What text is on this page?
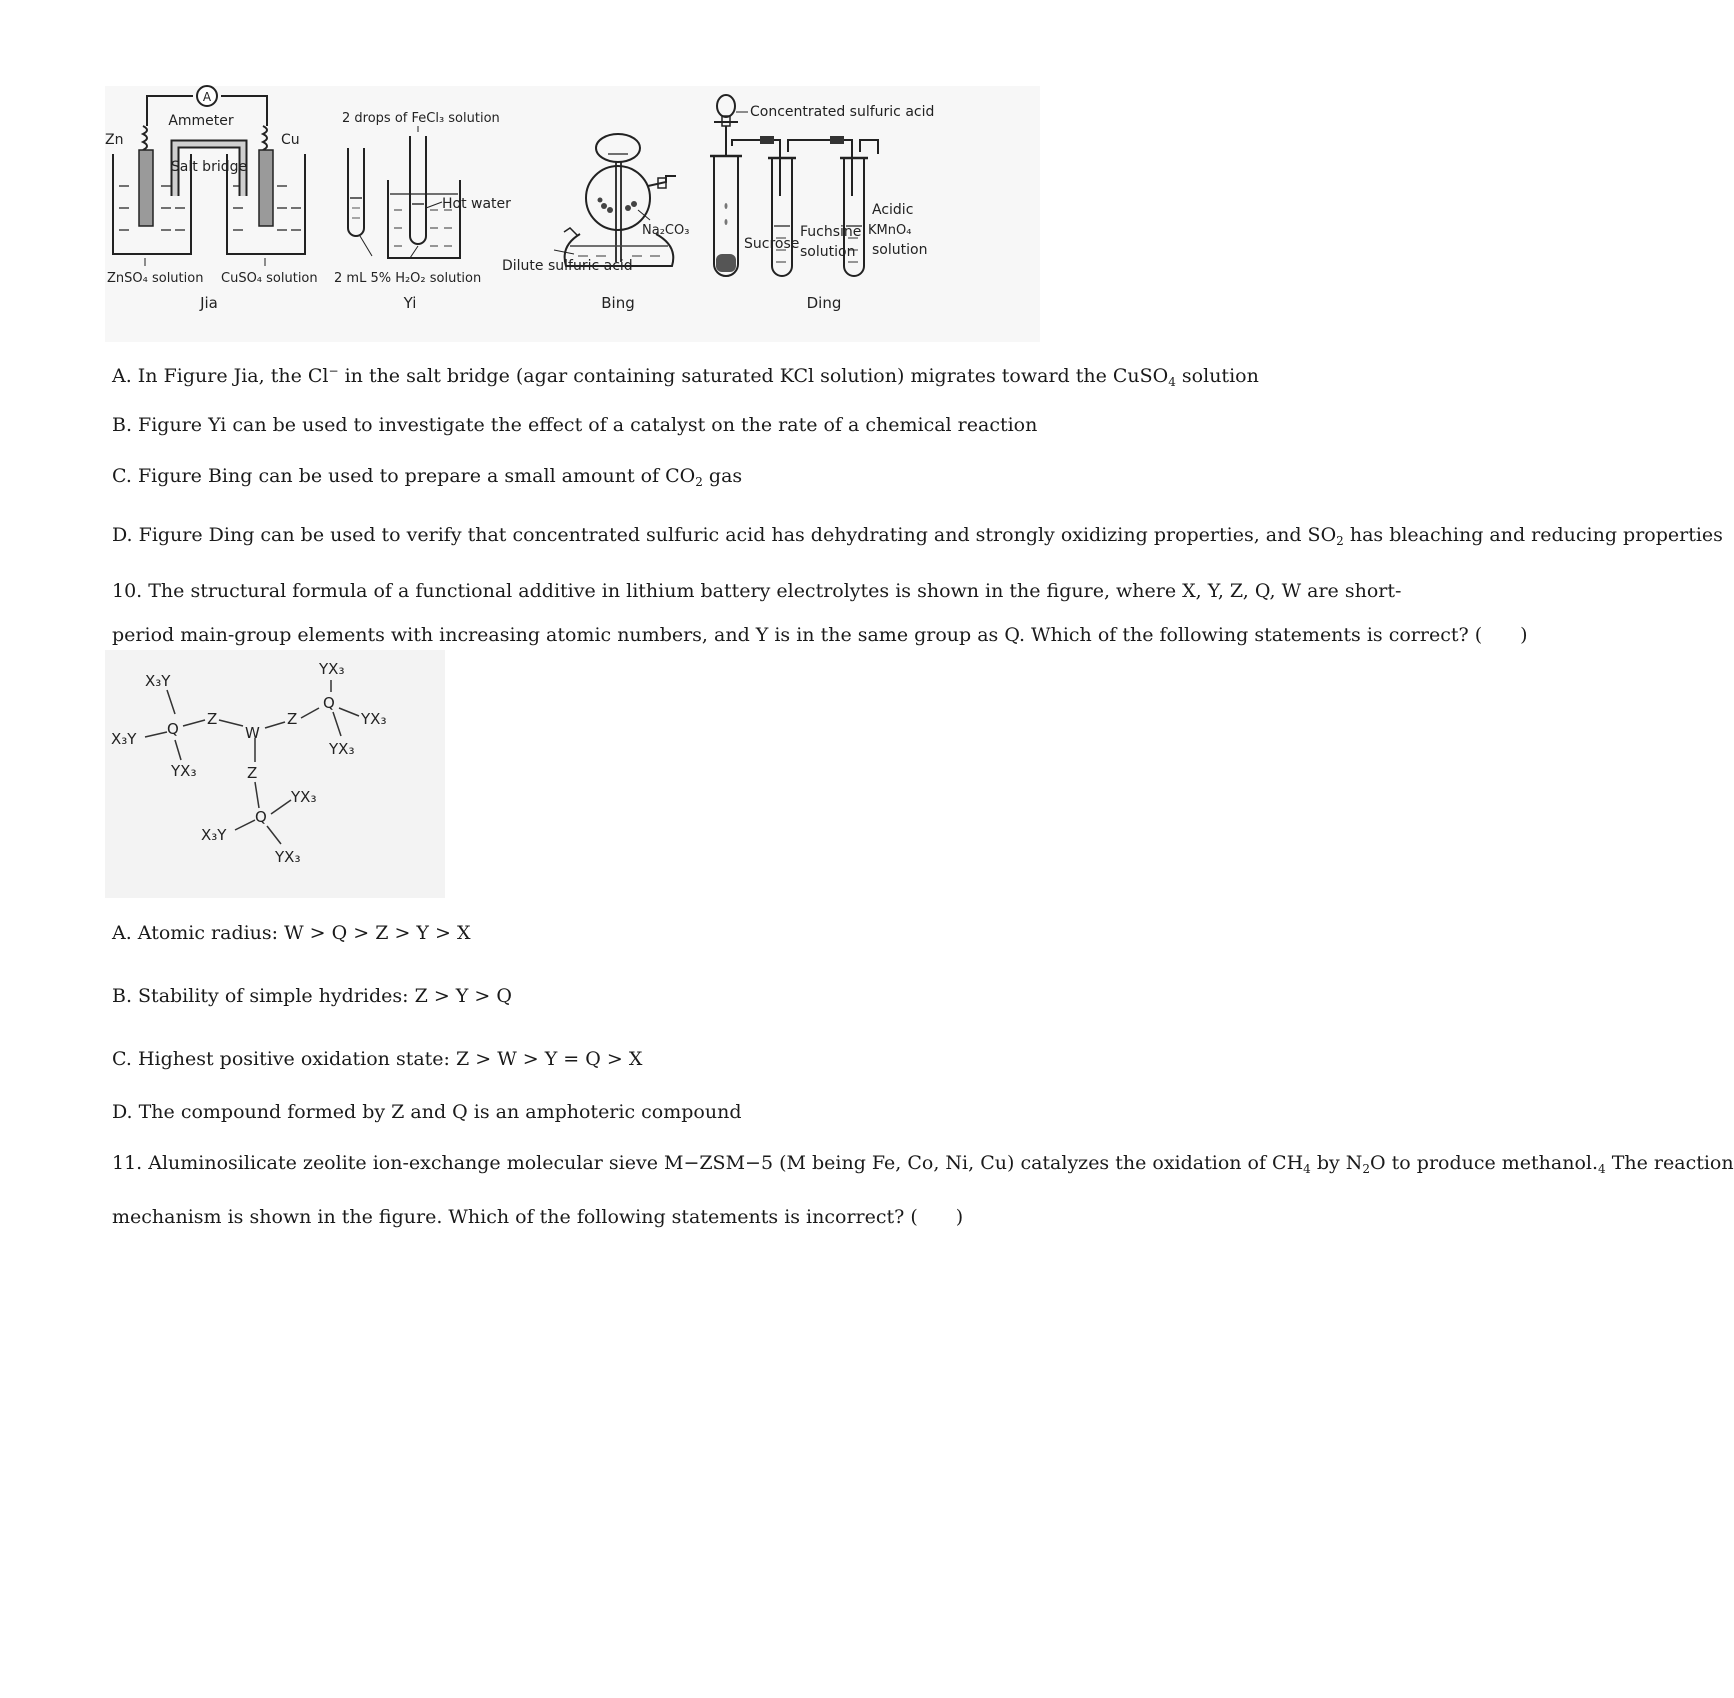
A
Ammeter
Salt bridge
Zn	Cu
ZnSO₄ solution CuSO₄ solution
Jia
2 drops of FeCl₃ solution
Hot water
2 mL 5% H₂O₂ solution
Yi
Na₂CO₃
Dilute sulfuric acid
Bing
Concentrated sulfuric acid
Sucrose
Fuchsine
solution
Acidic
KMnO₄
solution
Ding
A. In Figure Jia, the Cl− in the salt bridge (agar containing saturated KCl solution) migrates toward the CuSO$_4$ solution
B. Figure Yi can be used to investigate the effect of a catalyst on the rate of a chemical reaction
C. Figure Bing can be used to prepare a small amount of $CO_2$ gas
D. Figure Ding can be used to verify that concentrated sulfuric acid has dehydrating and strongly oxidizing properties, and $SO_2$ has bleaching and reducing properties
10. The structural formula of a functional additive in lithium battery electrolytes is shown in the figure, where X, Y, Z, Q, W are short-
period main-group elements with increasing atomic numbers, and Y is in the same group as Q. Which of the following statements is correct? (　　)
X₃Y
X₃Y
Q
YX₃
Z
W
Z
Q
YX₃
YX₃
YX₃
Z
Q
YX₃
X₃Y
YX₃
A. Atomic radius: W > Q > Z > Y > X
B. Stability of simple hydrides: Z > Y > Q
C. Highest positive oxidation state: Z > W > Y = Q > X
D. The compound formed by Z and Q is an amphoteric compound
11. Aluminosilicate zeolite ion-exchange molecular sieve M−ZSM−5 (M being Fe, Co, Ni, Cu) catalyzes the oxidation of $CH_4$ by $N_2O$ to produce $methanol._4$ The reaction
mechanism is shown in the figure. Which of the following statements is incorrect? (　　)
